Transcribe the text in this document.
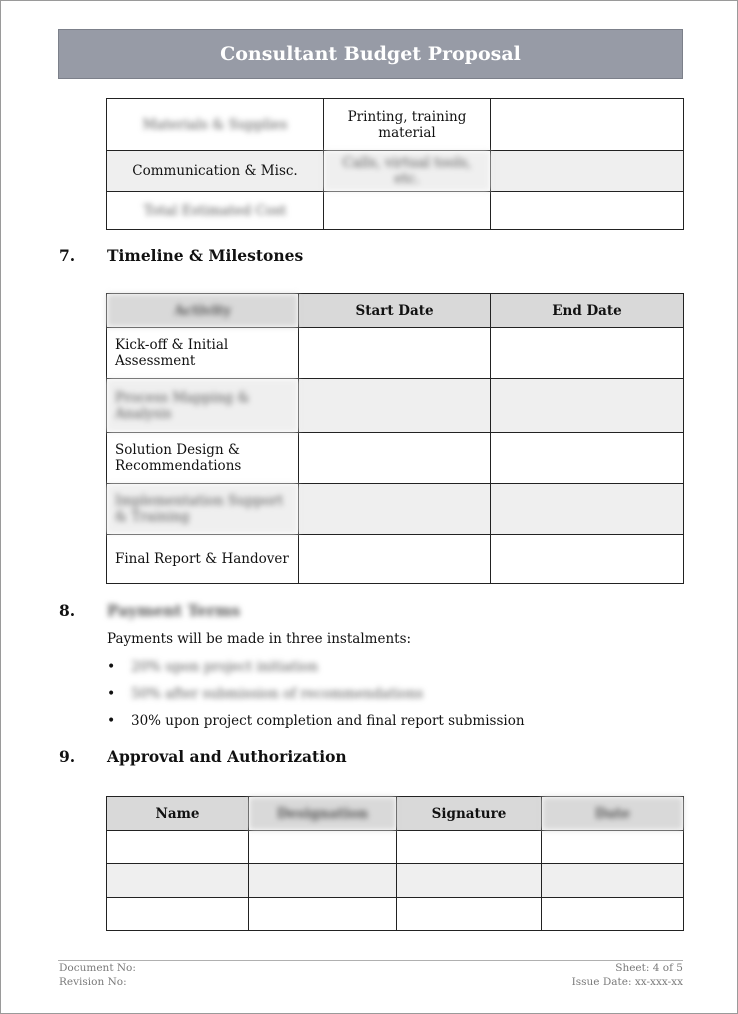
Consultant Budget Proposal
Materials & Supplies	Printing, training material	
Communication & Misc.	Calls, virtual tools, etc.	
Total Estimated Cost		
7. Timeline & Milestones
Activity	Start Date	End Date
Kick-off & Initial Assessment		
Process Mapping & Analysis		
Solution Design & Recommendations		
Implementation Support & Training		
Final Report & Handover		
8. Payment Terms
Payments will be made in three instalments:
• 20% upon project initiation
• 50% after submission of recommendations
• 30% upon project completion and final report submission
9. Approval and Authorization
Name	Designation	Signature	Date

Document No:
Revision No:
Sheet: 4 of 5
Issue Date: xx-xxx-xx
